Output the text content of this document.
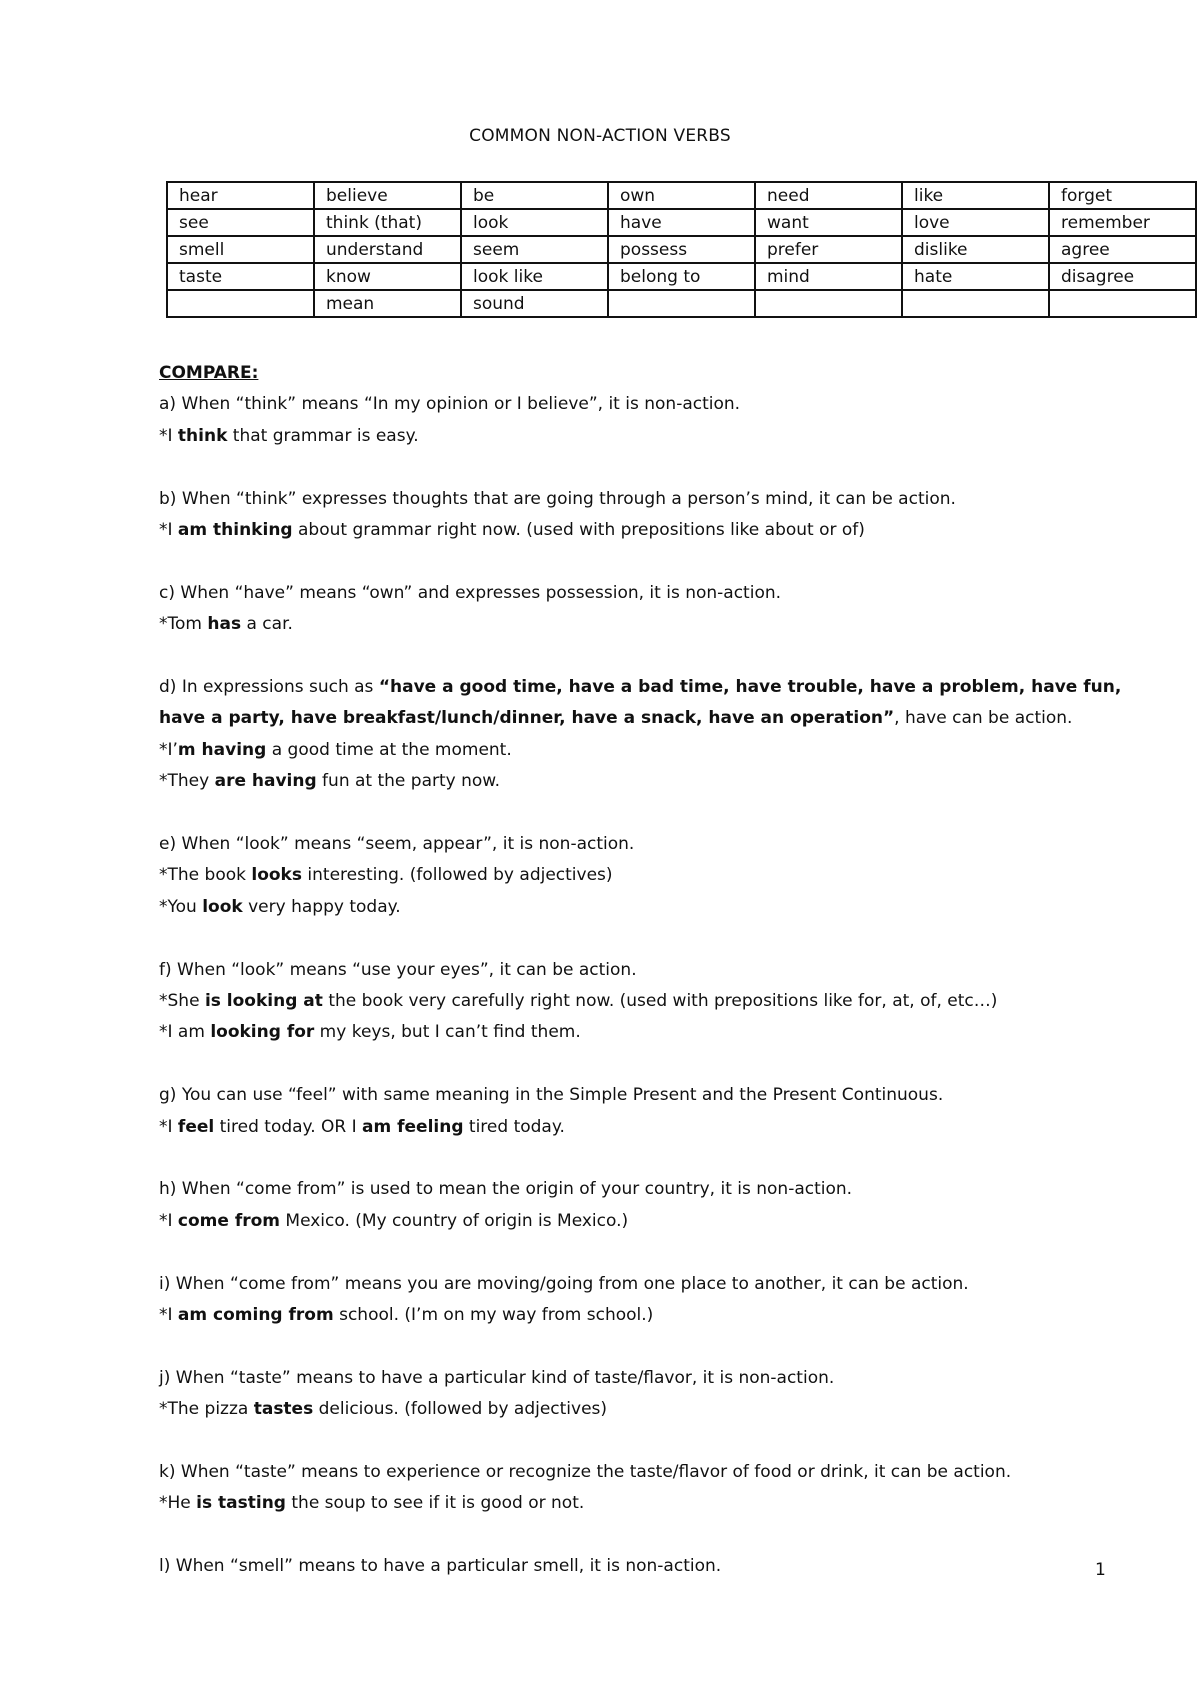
COMMON NON-ACTION VERBS
hear	believe	be	own	need	like	forget
see	think (that)	look	have	want	love	remember
smell	understand	seem	possess	prefer	dislike	agree
taste	know	look like	belong to	mind	hate	disagree
	mean	sound				

COMPARE:

a) When “think” means “In my opinion or I believe”, it is non-action.

*I think that grammar is easy.

b) When “think” expresses thoughts that are going through a person’s mind, it can be action.

*I am thinking about grammar right now. (used with prepositions like about or of)

c) When “have” means “own” and expresses possession, it is non-action.

*Tom has a car.

d) In expressions such as “have a good time, have a bad time, have trouble, have a problem, have fun,

have a party, have breakfast/lunch/dinner, have a snack, have an operation”, have can be action.

*I’m having a good time at the moment.

*They are having fun at the party now.

e) When “look” means “seem, appear”, it is non-action.

*The book looks interesting. (followed by adjectives)

*You look very happy today.

f) When “look” means “use your eyes”, it can be action.

*She is looking at the book very carefully right now. (used with prepositions like for, at, of, etc…)

*I am looking for my keys, but I can’t find them.

g) You can use “feel” with same meaning in the Simple Present and the Present Continuous.

*I feel tired today. OR I am feeling tired today.

h) When “come from” is used to mean the origin of your country, it is non-action.

*I come from Mexico. (My country of origin is Mexico.)

i) When “come from” means you are moving/going from one place to another, it can be action.

*I am coming from school. (I’m on my way from school.)

j) When “taste” means to have a particular kind of taste/flavor, it is non-action.

*The pizza tastes delicious. (followed by adjectives)

k) When “taste” means to experience or recognize the taste/flavor of food or drink, it can be action.

*He is tasting the soup to see if it is good or not.

l) When “smell” means to have a particular smell, it is non-action.	1
